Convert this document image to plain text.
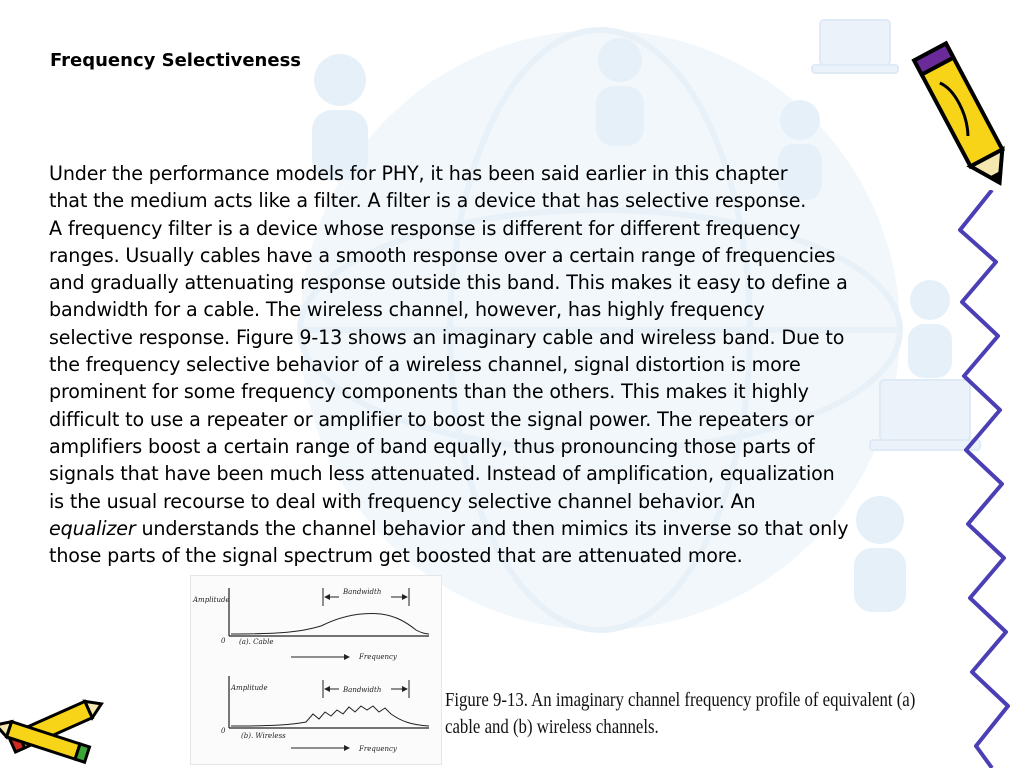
Frequency Selectiveness
Under the performance models for PHY, it has been said earlier in this chapter
that the medium acts like a filter. A filter is a device that has selective response.
A frequency filter is a device whose response is different for different frequency
ranges. Usually cables have a smooth response over a certain range of frequencies
and gradually attenuating response outside this band. This makes it easy to define a
bandwidth for a cable. The wireless channel, however, has highly frequency
selective response. Figure 9-13 shows an imaginary cable and wireless band. Due to
the frequency selective behavior of a wireless channel, signal distortion is more
prominent for some frequency components than the others. This makes it highly
difficult to use a repeater or amplifier to boost the signal power. The repeaters or
amplifiers boost a certain range of band equally, thus pronouncing those parts of
signals that have been much less attenuated. Instead of amplification, equalization
is the usual recourse to deal with frequency selective channel behavior. An
equalizer understands the channel behavior and then mimics its inverse so that only
those parts of the signal spectrum get boosted that are attenuated more.
Amplitude
0
Bandwidth
(a). Cable
Frequency
Amplitude
0
Bandwidth
(b). Wireless
Frequency
Figure 9-13. An imaginary channel frequency profile of equivalent (a)
cable and (b) wireless channels.
